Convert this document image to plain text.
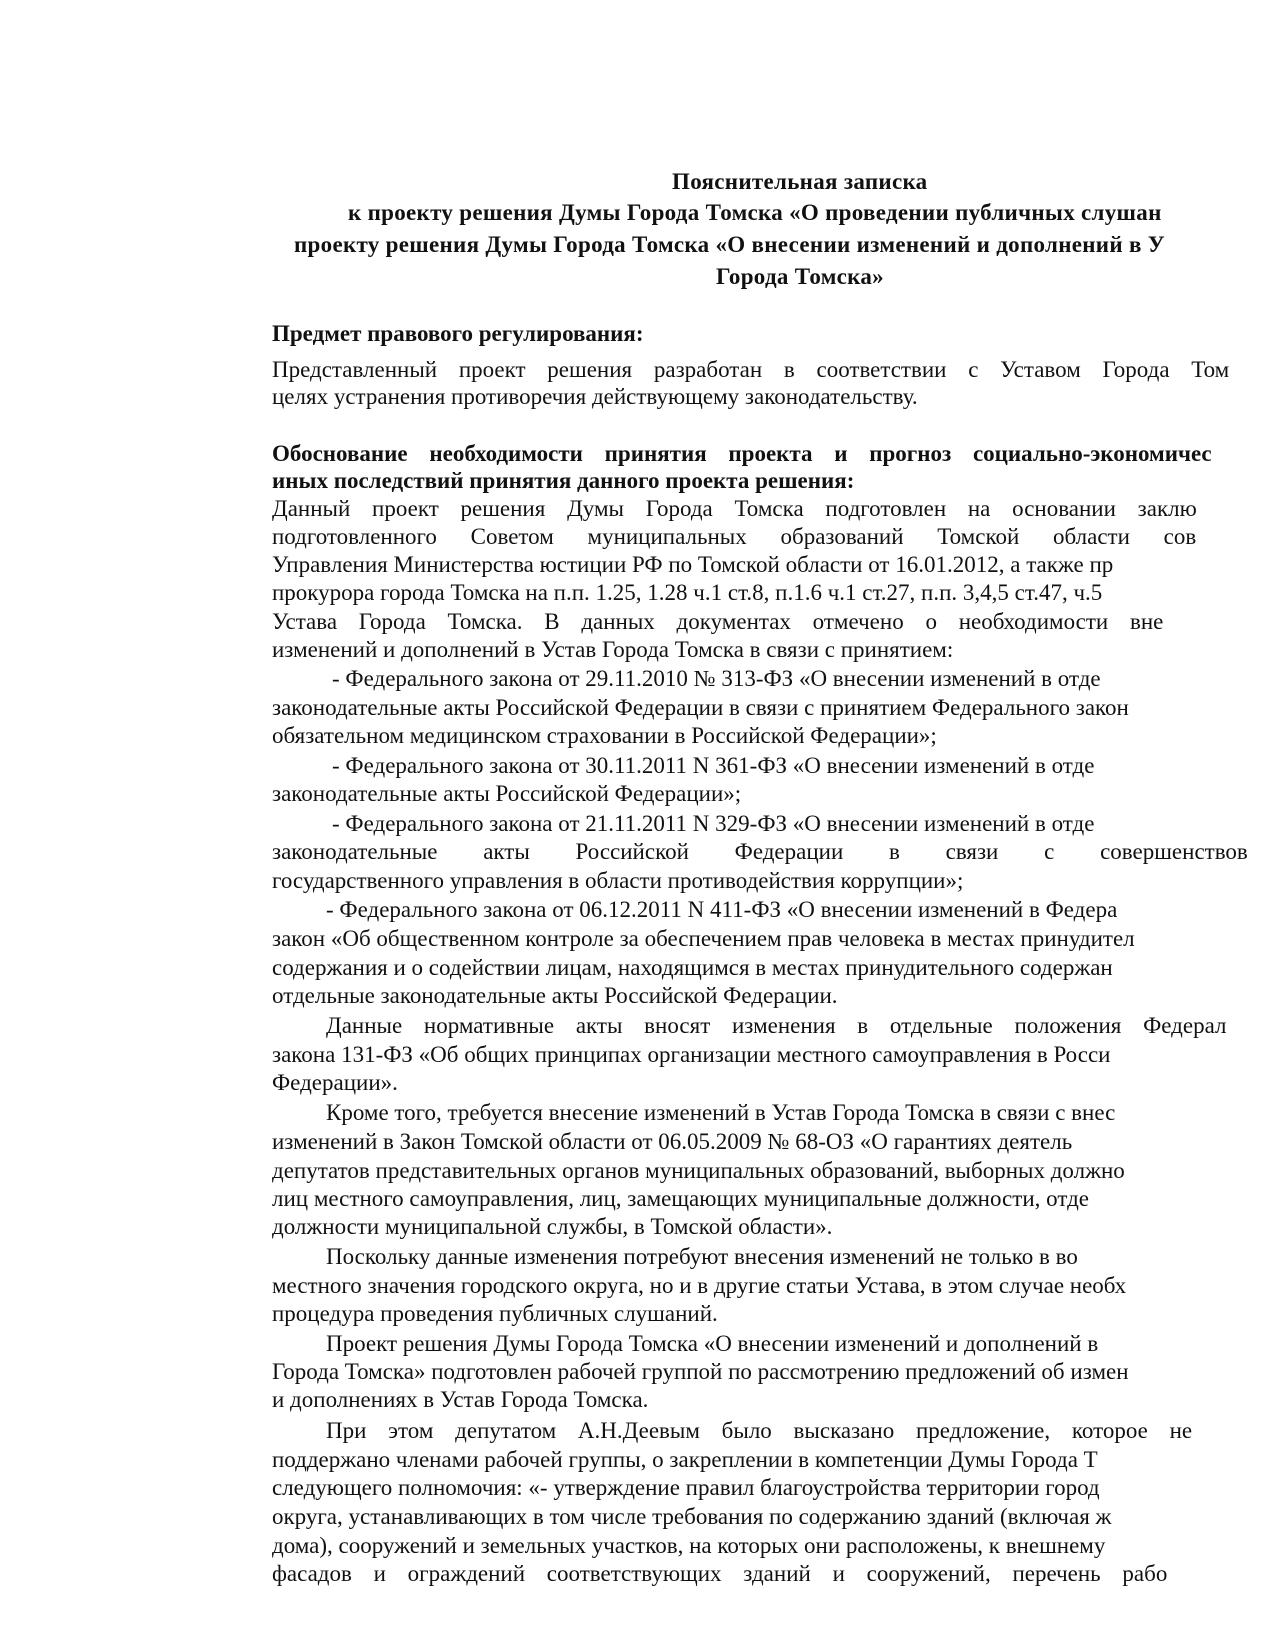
Пояснительная записка
к проекту решения Думы Города Томска «О проведении публичных слушан
проекту решения Думы Города Томска «О внесении изменений и дополнений в У
Города Томска»
Предмет правового регулирования:
Представленный проект решения разработан в соответствии с Уставом Города Том
целях устранения противоречия действующему законодательству.
Обоснование необходимости принятия проекта и прогноз социально-экономичес
иных последствий принятия данного проекта решения:
Данный проект решения Думы Города Томска подготовлен на основании заклю
подготовленного Советом муниципальных образований Томской области сов
Управления Министерства юстиции РФ по Томской области от 16.01.2012, а также пр
прокурора города Томска на п.п. 1.25, 1.28 ч.1 ст.8, п.1.6 ч.1 ст.27, п.п. 3,4,5 ст.47, ч.5
Устава Города Томска. В данных документах отмечено о необходимости вне
изменений и дополнений в Устав Города Томска в связи с принятием:
- Федерального закона от 29.11.2010 № 313-ФЗ «О внесении изменений в отде
законодательные акты Российской Федерации в связи с принятием Федерального закон
обязательном медицинском страховании в Российской Федерации»;
- Федерального закона от 30.11.2011 N 361-ФЗ «О внесении изменений в отде
законодательные акты Российской Федерации»;
- Федерального закона от 21.11.2011 N 329-ФЗ «О внесении изменений в отде
законодательные акты Российской Федерации в связи с совершенствов
государственного управления в области противодействия коррупции»;
- Федерального закона от 06.12.2011 N 411-ФЗ «О внесении изменений в Федера
закон «Об общественном контроле за обеспечением прав человека в местах принудител
содержания и о содействии лицам, находящимся в местах принудительного содержан
отдельные законодательные акты Российской Федерации.
Данные нормативные акты вносят изменения в отдельные положения Федерал
закона 131-ФЗ «Об общих принципах организации местного самоуправления в Росси
Федерации».
Кроме того, требуется внесение изменений в Устав Города Томска в связи с внес
изменений в Закон Томской области от 06.05.2009 № 68-ОЗ «О гарантиях деятель
депутатов представительных органов муниципальных образований, выборных должно
лиц местного самоуправления, лиц, замещающих муниципальные должности, отде
должности муниципальной службы, в Томской области».
Поскольку данные изменения потребуют внесения изменений не только в во
местного значения городского округа, но и в другие статьи Устава, в этом случае необх
процедура проведения публичных слушаний.
Проект решения Думы Города Томска «О внесении изменений и дополнений в
Города Томска» подготовлен рабочей группой по рассмотрению предложений об измен
и дополнениях в Устав Города Томска.
При этом депутатом А.Н.Деевым было высказано предложение, которое не
поддержано членами рабочей группы, о закреплении в компетенции Думы Города Т
следующего полномочия: «- утверждение правил благоустройства территории город
округа, устанавливающих в том числе требования по содержанию зданий (включая ж
дома), сооружений и земельных участков, на которых они расположены, к внешнему
фасадов и ограждений соответствующих зданий и сооружений, перечень рабо
